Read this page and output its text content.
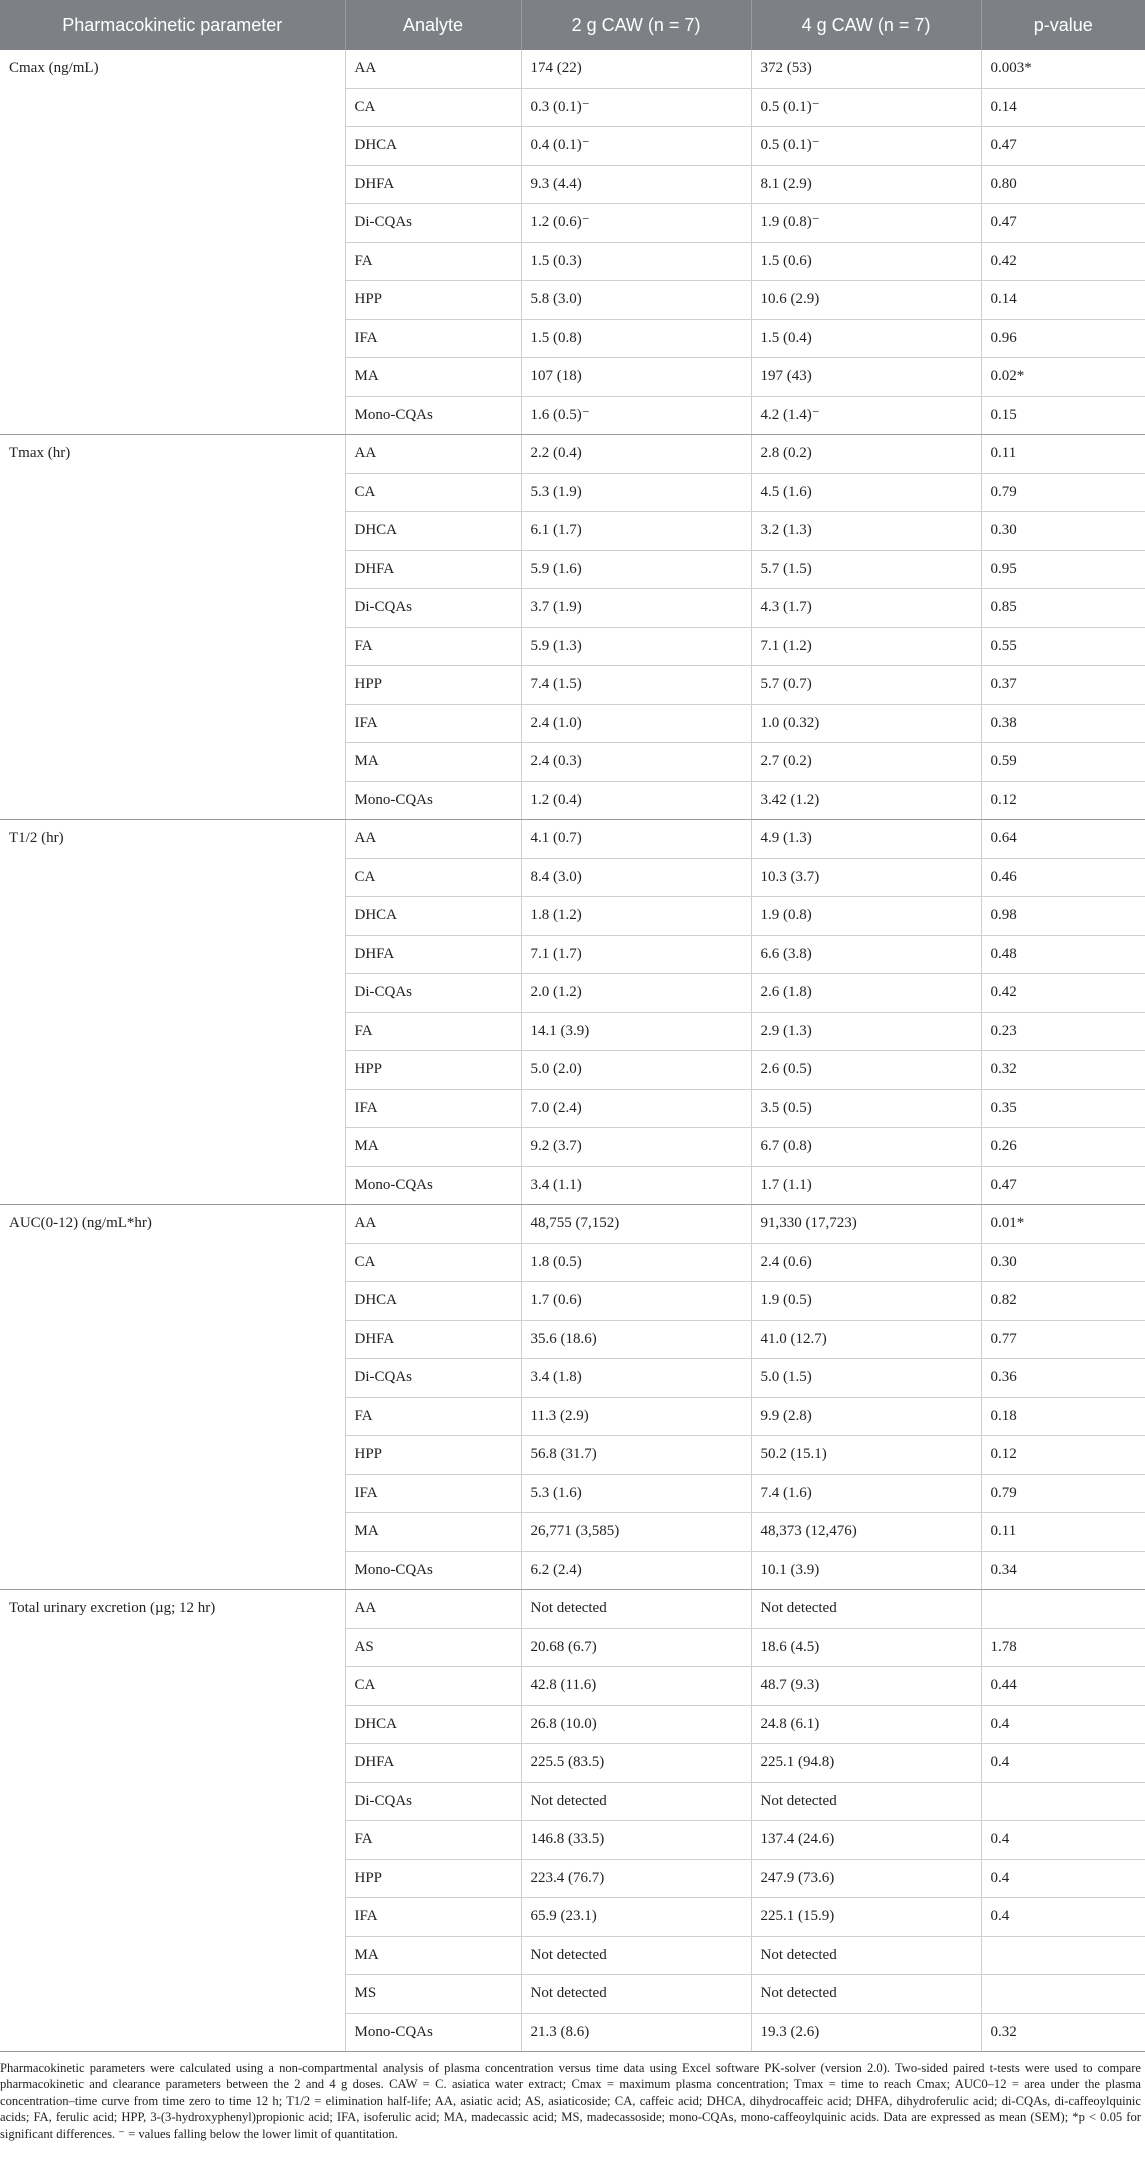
Pharmacokinetic parameter	Analyte	2 g CAW (n = 7)	4 g CAW (n = 7)	p-value
Cmax (ng/mL)	AA	174 (22)	372 (53)	0.003*
	CA	0.3 (0.1)⁻	0.5 (0.1)⁻	0.14
	DHCA	0.4 (0.1)⁻	0.5 (0.1)⁻	0.47
	DHFA	9.3 (4.4)	8.1 (2.9)	0.80
	Di-CQAs	1.2 (0.6)⁻	1.9 (0.8)⁻	0.47
	FA	1.5 (0.3)	1.5 (0.6)	0.42
	HPP	5.8 (3.0)	10.6 (2.9)	0.14
	IFA	1.5 (0.8)	1.5 (0.4)	0.96
	MA	107 (18)	197 (43)	0.02*
	Mono-CQAs	1.6 (0.5)⁻	4.2 (1.4)⁻	0.15
Tmax (hr)	AA	2.2 (0.4)	2.8 (0.2)	0.11
	CA	5.3 (1.9)	4.5 (1.6)	0.79
	DHCA	6.1 (1.7)	3.2 (1.3)	0.30
	DHFA	5.9 (1.6)	5.7 (1.5)	0.95
	Di-CQAs	3.7 (1.9)	4.3 (1.7)	0.85
	FA	5.9 (1.3)	7.1 (1.2)	0.55
	HPP	7.4 (1.5)	5.7 (0.7)	0.37
	IFA	2.4 (1.0)	1.0 (0.32)	0.38
	MA	2.4 (0.3)	2.7 (0.2)	0.59
	Mono-CQAs	1.2 (0.4)	3.42 (1.2)	0.12
T1/2 (hr)	AA	4.1 (0.7)	4.9 (1.3)	0.64
	CA	8.4 (3.0)	10.3 (3.7)	0.46
	DHCA	1.8 (1.2)	1.9 (0.8)	0.98
	DHFA	7.1 (1.7)	6.6 (3.8)	0.48
	Di-CQAs	2.0 (1.2)	2.6 (1.8)	0.42
	FA	14.1 (3.9)	2.9 (1.3)	0.23
	HPP	5.0 (2.0)	2.6 (0.5)	0.32
	IFA	7.0 (2.4)	3.5 (0.5)	0.35
	MA	9.2 (3.7)	6.7 (0.8)	0.26
	Mono-CQAs	3.4 (1.1)	1.7 (1.1)	0.47
AUC(0-12) (ng/mL*hr)	AA	48,755 (7,152)	91,330 (17,723)	0.01*
	CA	1.8 (0.5)	2.4 (0.6)	0.30
	DHCA	1.7 (0.6)	1.9 (0.5)	0.82
	DHFA	35.6 (18.6)	41.0 (12.7)	0.77
	Di-CQAs	3.4 (1.8)	5.0 (1.5)	0.36
	FA	11.3 (2.9)	9.9 (2.8)	0.18
	HPP	56.8 (31.7)	50.2 (15.1)	0.12
	IFA	5.3 (1.6)	7.4 (1.6)	0.79
	MA	26,771 (3,585)	48,373 (12,476)	0.11
	Mono-CQAs	6.2 (2.4)	10.1 (3.9)	0.34
Total urinary excretion (µg; 12 hr)	AA	Not detected	Not detected	
	AS	20.68 (6.7)	18.6 (4.5)	1.78
	CA	42.8 (11.6)	48.7 (9.3)	0.44
	DHCA	26.8 (10.0)	24.8 (6.1)	0.4
	DHFA	225.5 (83.5)	225.1 (94.8)	0.4
	Di-CQAs	Not detected	Not detected	
	FA	146.8 (33.5)	137.4 (24.6)	0.4
	HPP	223.4 (76.7)	247.9 (73.6)	0.4
	IFA	65.9 (23.1)	225.1 (15.9)	0.4
	MA	Not detected	Not detected	
	MS	Not detected	Not detected	
	Mono-CQAs	21.3 (8.6)	19.3 (2.6)	0.32
Pharmacokinetic parameters were calculated using a non-compartmental analysis of plasma concentration versus time data using Excel software PK-solver (version 2.0). Two-sided paired t-tests were used to compare pharmacokinetic and clearance parameters between the 2 and 4 g doses. CAW = C. asiatica water extract; Cmax = maximum plasma concentration; Tmax = time to reach Cmax; AUC0–12 = area under the plasma concentration–time curve from time zero to time 12 h; T1/2 = elimination half-life; AA, asiatic acid; AS, asiaticoside; CA, caffeic acid; DHCA, dihydrocaffeic acid; DHFA, dihydroferulic acid; di-CQAs, di-caffeoylquinic acids; FA, ferulic acid; HPP, 3-(3-hydroxyphenyl)propionic acid; IFA, isoferulic acid; MA, madecassic acid; MS, madecassoside; mono-CQAs, mono-caffeoylquinic acids. Data are expressed as mean (SEM); *p < 0.05 for significant differences. ⁻ = values falling below the lower limit of quantitation.
